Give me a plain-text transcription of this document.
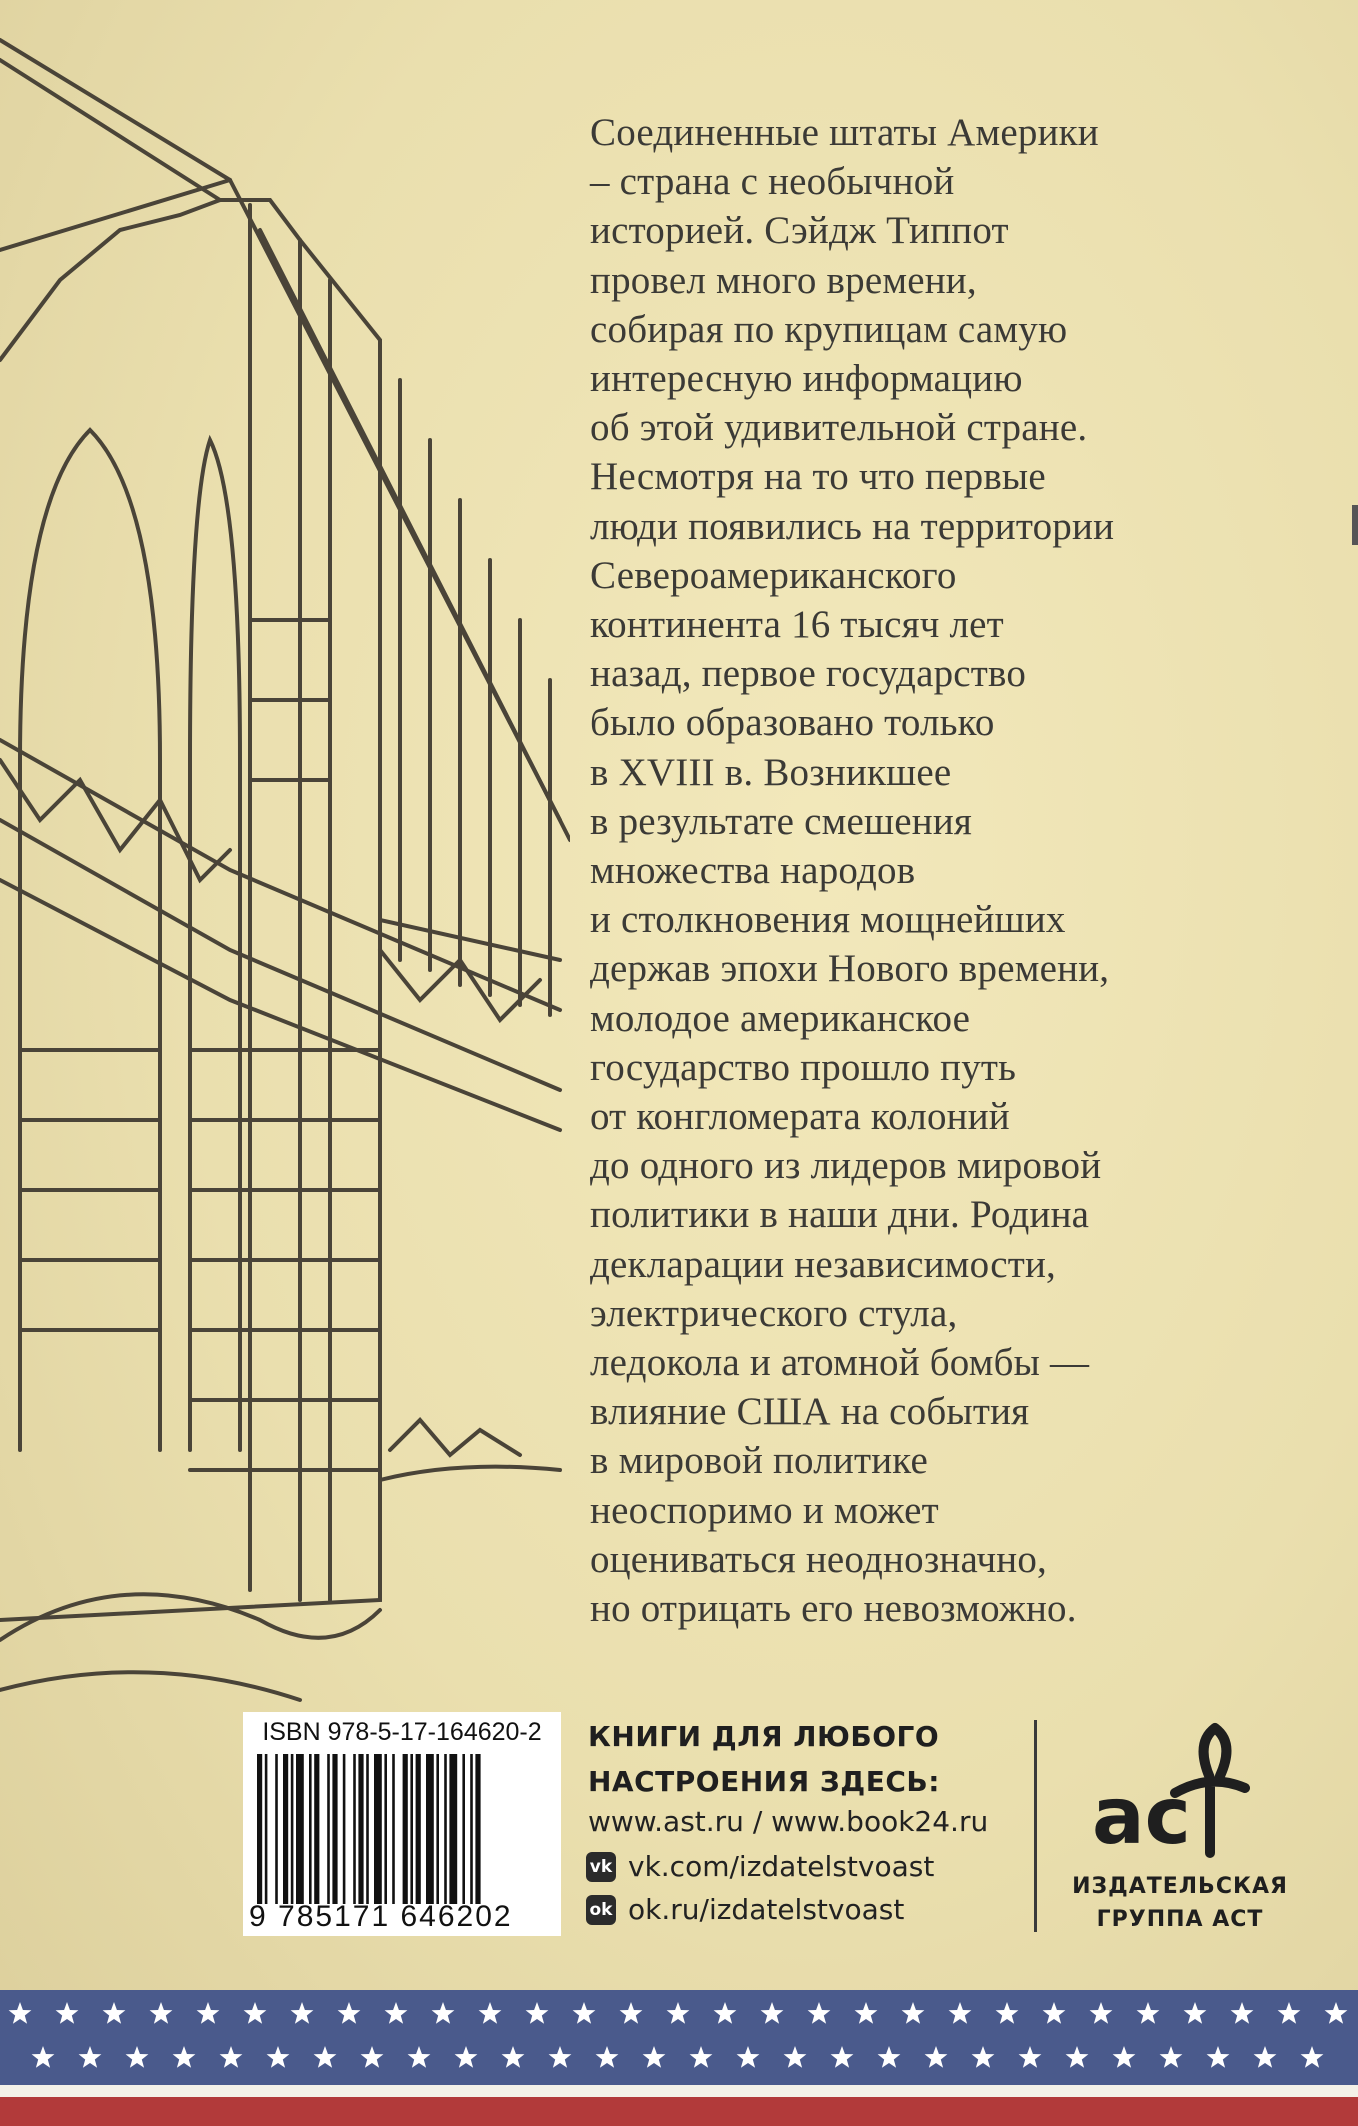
Соединенные штаты Америки
– страна с необычной
историей. Сэйдж Типпот
провел много времени,
собирая по крупицам самую
интересную информацию
об этой удивительной стране.
Несмотря на то что первые
люди появились на территории
Североамериканского
континента 16 тысяч лет
назад, первое государство
было образовано только
в XVIII в. Возникшее
в результате смешения
множества народов
и столкновения мощнейших
держав эпохи Нового времени,
молодое американское
государство прошло путь
от конгломерата колоний
до одного из лидеров мировой
политики в наши дни. Родина
декларации независимости,
электрического стула,
ледокола и атомной бомбы —
влияние США на события
в мировой политике
неоспоримо и может
оцениваться неоднозначно,
но отрицать его невозможно.
ISBN 978-5-17-164620-2
9 785171 646202
КНИГИ ДЛЯ ЛЮБОГО
НАСТРОЕНИЯ ЗДЕСЬ:
www.ast.ru / www.book24.ru
vk vk.com/izdatelstvoast
ok ok.ru/izdatelstvoast
ac
ИЗДАТЕЛЬСКАЯ
ГРУППА АСТ
